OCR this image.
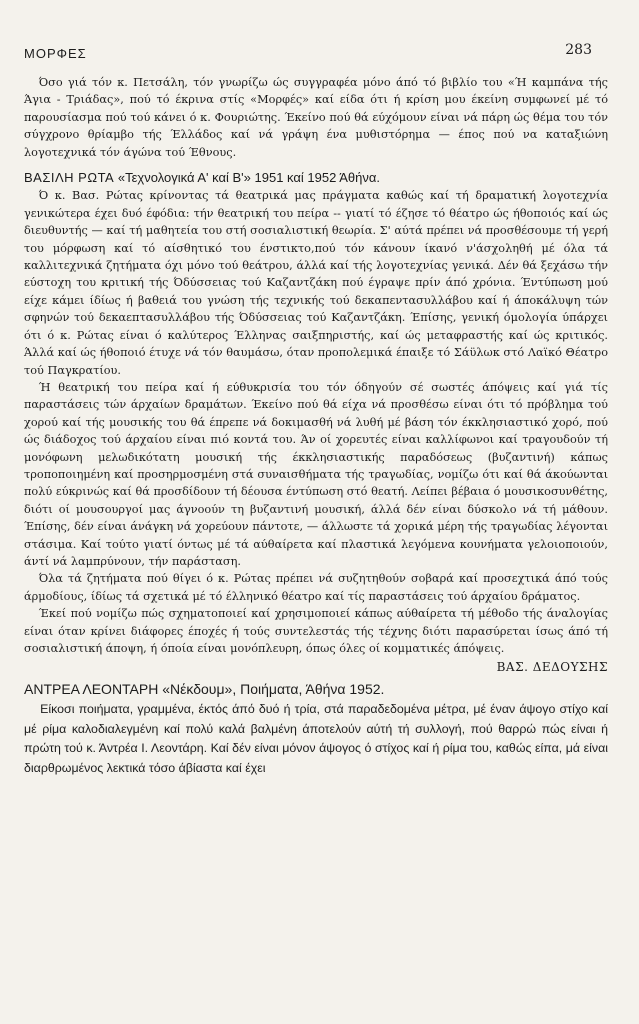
ΜΟΡΦΕΣ	283

Όσο γιά τόν κ. Πετσάλη, τόν γνωρίζω ώς συγγραφέα μόνο άπό τό βιβλίο του «Ή καμπάνα τής Άγια - Τριάδας», πού τό έκρινα στίς «Μορφές» καί είδα ότι ή κρίση μου έκείνη συμφωνεί μέ τό παρουσίασμα πού τού κάνει ό κ. Φουριώτης. Έκείνο πού θά εύχόμουν είναι νά πάρη ώς θέμα του τόν σύγχρονο θρίαμβο τής Έλλάδος καί νά γράψη ένα μυθιστόρημα — έπος πού να καταξιώνη λογοτεχνικά τόν άγώνα τού Έθνους.

ΒΑΣΙΛΗ ΡΩΤΑ «Τεχνολογικά Α' καί Β'» 1951 καί 1952 Άθήνα.

Ό κ. Βασ. Ρώτας κρίνοντας τά θεατρικά μας πράγματα καθώς καί τή δραματική λογοτεχνία γενικώτερα έχει δυό έφόδια: τήν θεατρική του πείρα -- γιατί τό έζησε τό θέατρο ώς ήθοποιός καί ώς διευθυντής — καί τή μαθητεία του στή σοσιαλιστική θεωρία. Σ' αύτά πρέπει νά προσθέσουμε τή γερή του μόρφωση καί τό αίσθητικό του ένστικτο,πού τόν κάνουν ίκανό ν'άσχοληθή μέ όλα τά καλλιτεχνικά ζητήματα όχι μόνο τού θεάτρου, άλλά καί τής λογοτεχνίας γενικά. Δέν θά ξεχάσω τήν εύστοχη του κριτική τής Όδύσσειας τού Καζαντζάκη πού έγραψε πρίν άπό χρόνια. Έντύπωση μού είχε κάμει ίδίως ή βαθειά του γνώση τής τεχνικής τού δεκαπεντασυλλάβου καί ή άποκάλυψη τών σφηνών τού δεκαεπτασυλλάβου τής Όδύσσειας τού Καζαντζάκη. Έπίσης, γενική όμολογία ύπάρχει ότι ό κ. Ρώτας είναι ό καλύτερος Έλληνας σαιξπηριστής, καί ώς μεταφραστής καί ώς κριτικός. Άλλά καί ώς ήθοποιό έτυχε νά τόν θαυμάσω, όταν προπολεμικά έπαιξε τό Σάϋλωκ στό Λαϊκό Θέατρο τού Παγκρατίου.

Ή θεατρική του πείρα καί ή εύθυκρισία του τόν όδηγούν σέ σωστές άπόψεις καί γιά τίς παραστάσεις τών άρχαίων δραμάτων. Έκείνο πού θά είχα νά προσθέσω είναι ότι τό πρόβλημα τού χορού καί τής μουσικής του θά έπρεπε νά δοκιμασθή νά λυθή μέ βάση τόν έκκλησιαστικό χορό, πού ώς διάδοχος τού άρχαίου είναι πιό κοντά του. Άν οί χορευτές είναι καλλίφωνοι καί τραγουδούν τή μονόφωνη μελωδικότατη μουσική τής έκκλησιαστικής παραδόσεως (βυζαντινή) κάπως τροποποιημένη καί προσηρμοσμένη στά συναισθήματα τής τραγωδίας, νομίζω ότι καί θά άκούωνται πολύ εύκρινώς καί θά προσδίδουν τή δέουσα έντύπωση στό θεατή. Λείπει βέβαια ό μουσικοσυνθέτης, διότι οί μουσουργοί μας άγνοούν τη βυζαντινή μουσική, άλλά δέν είναι δύσκολο νά τή μάθουν. Έπίσης, δέν είναι άνάγκη νά χορεύουν πάντοτε, — άλλωστε τά χορικά μέρη τής τραγωδίας λέγονται στάσιμα. Καί τούτο γιατί όντως μέ τά αύθαίρετα καί πλαστικά λεγόμενα κουνήματα γελοιοποιούν, άντί νά λαμπρύνουν, τήν παράσταση.

Όλα τά ζητήματα πού θίγει ό κ. Ρώτας πρέπει νά συζητηθούν σοβαρά καί προσεχτικά άπό τούς άρμοδίους, ίδίως τά σχετικά μέ τό έλληνικό θέατρο καί τίς παραστάσεις τού άρχαίου δράματος.

Έκεί πού νομίζω πώς σχηματοποιεί καί χρησιμοποιεί κάπως αύθαίρετα τή μέθοδο τής άναλογίας είναι όταν κρίνει διάφορες έποχές ή τούς συντελεστάς τής τέχνης διότι παρασύρεται ίσως άπό τή σοσιαλιστική άποψη, ή όποία είναι μονόπλευρη, όπως όλες οί κομματικές άπόψεις.

ΒΑΣ. ΔΕΔΟΥΣΗΣ

ΑΝΤΡΕΑ ΛΕΟΝΤΑΡΗ «Νέκδουμ», Ποιήματα, Άθήνα 1952.

Είκοσι ποιήματα, γραμμένα, έκτός άπό δυό ή τρία, στά παραδεδομένα μέτρα, μέ έναν άψογο στίχο καί μέ ρίμα καλοδιαλεγμένη καί πολύ καλά βαλμένη άποτελούν αύτή τή συλλογή, πού θαρρώ πώς είναι ή πρώτη τού κ. Άντρέα Ι. Λεοντάρη. Καί δέν είναι μόνον άψογος ό στίχος καί ή ρίμα του, καθώς είπα, μά είναι διαρθρωμένος λεκτικά τόσο άβίαστα καί έχει
